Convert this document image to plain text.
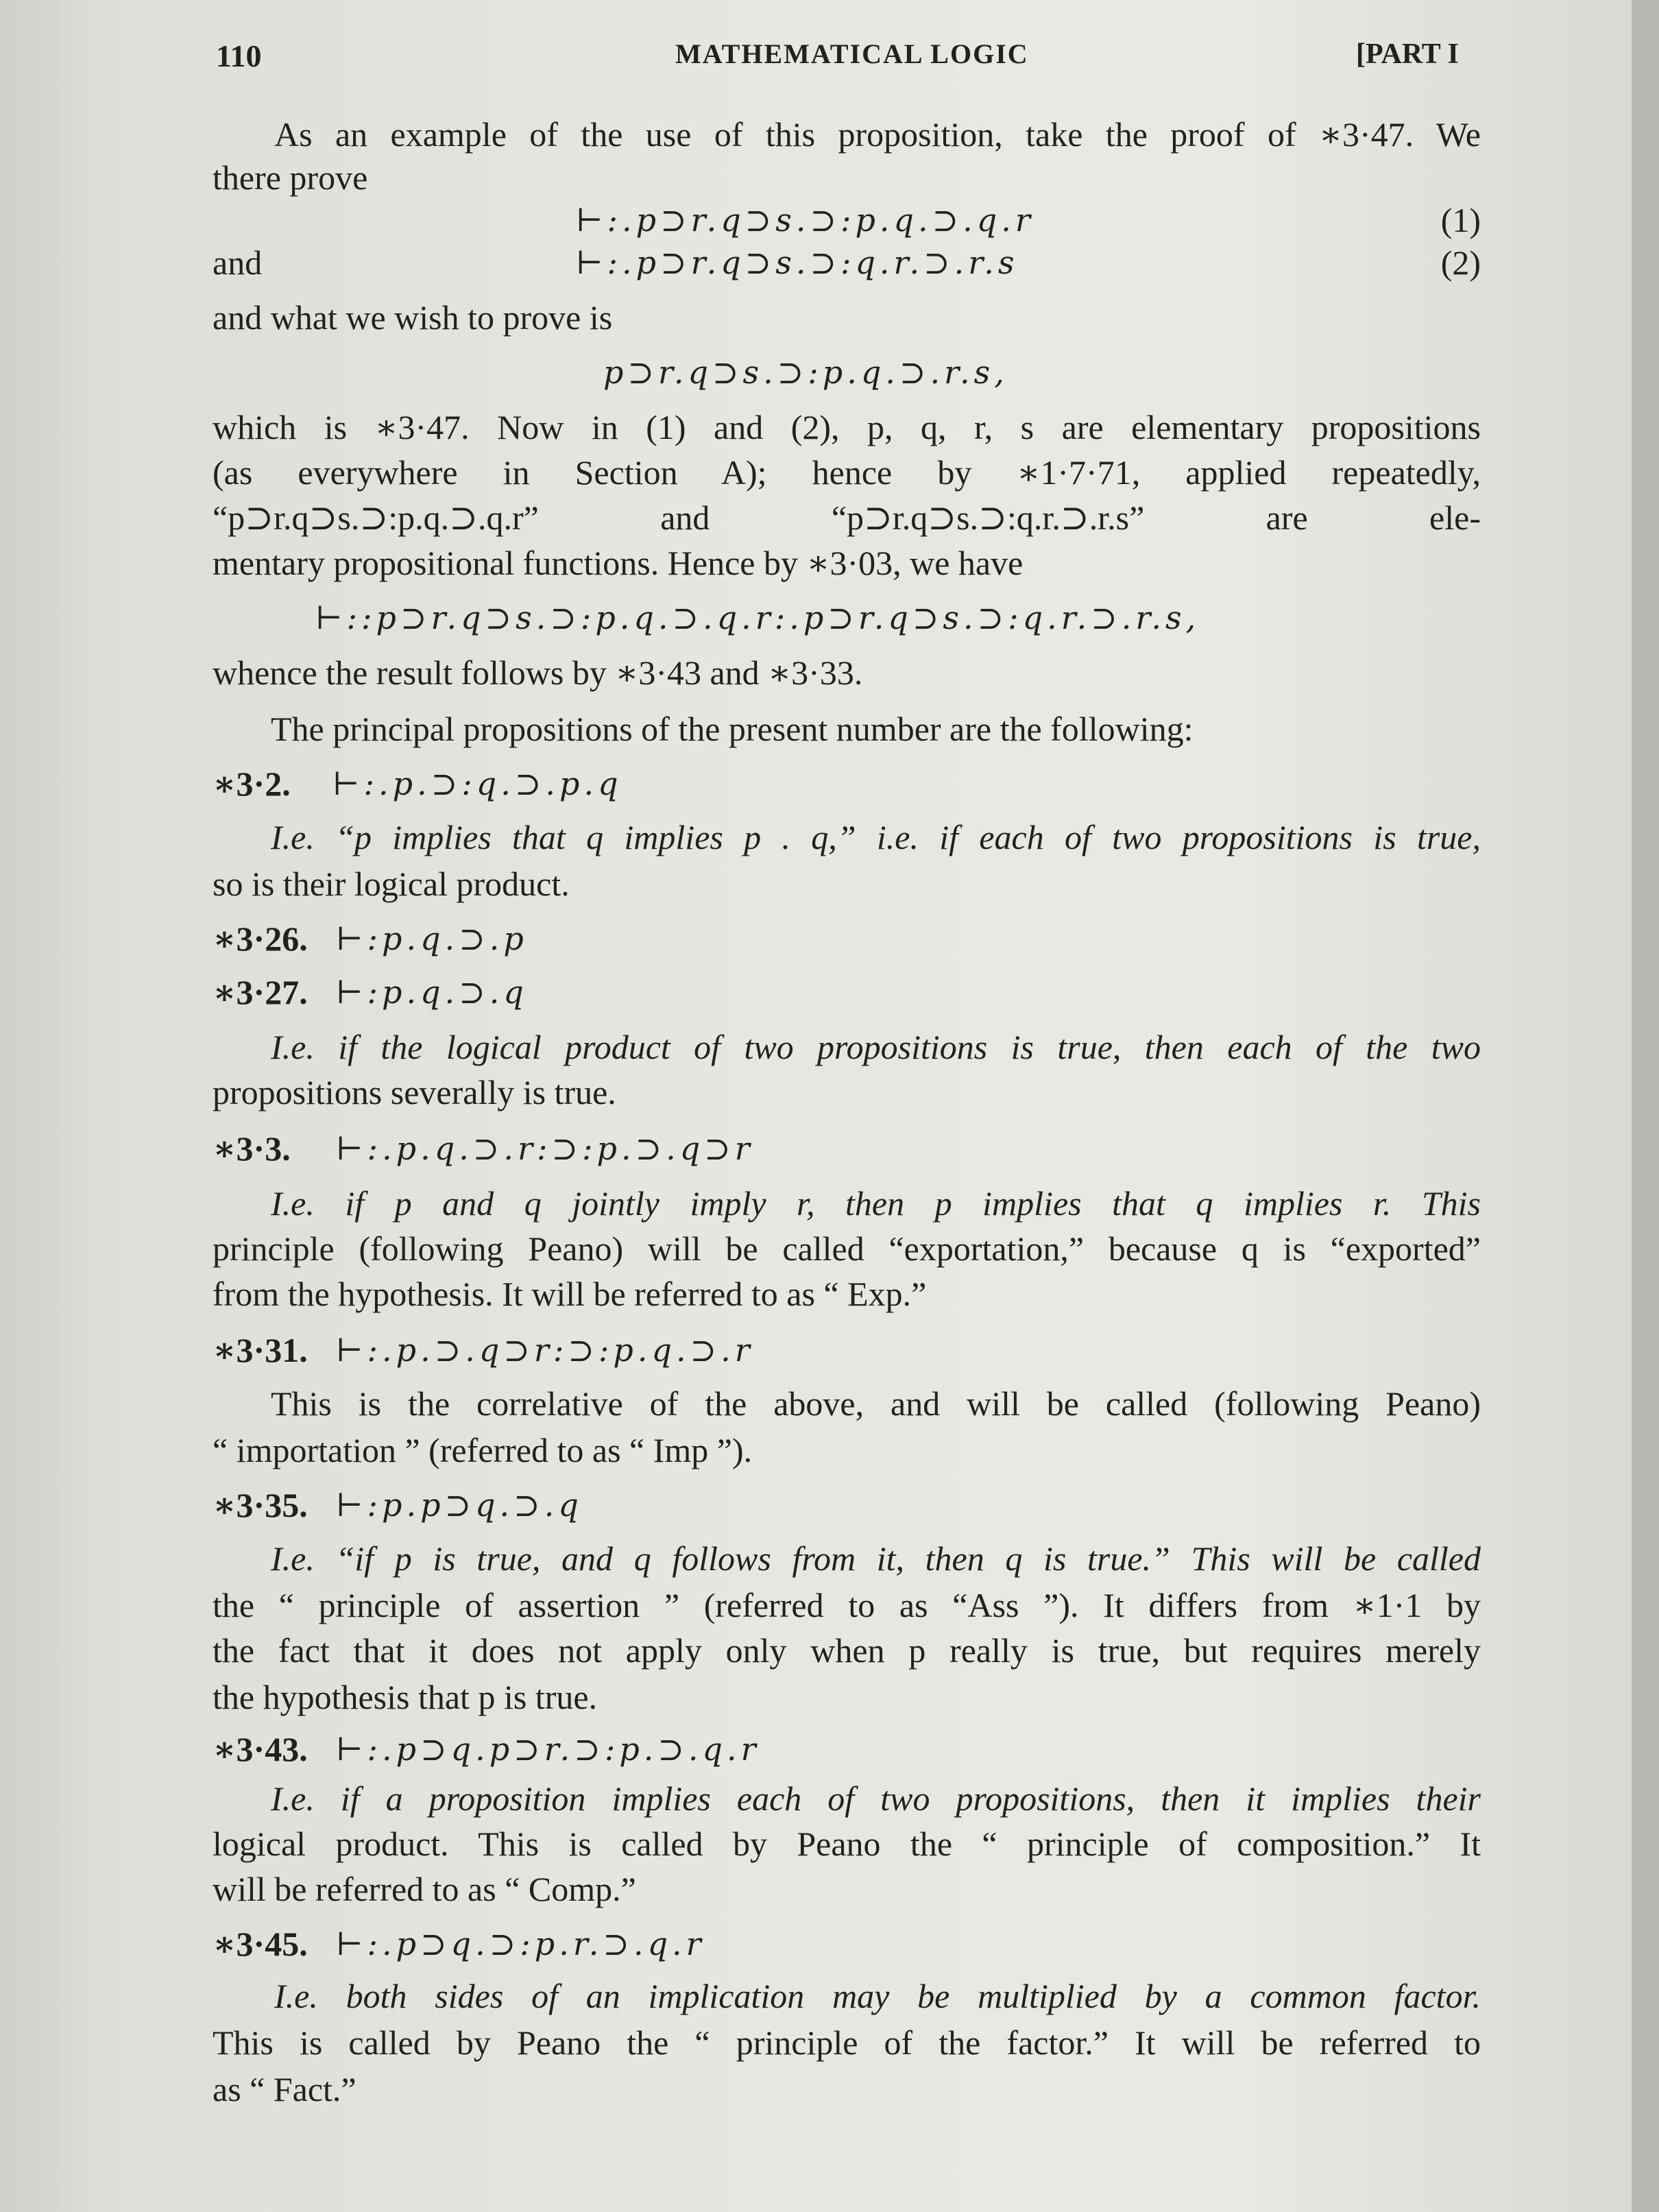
110	MATHEMATICAL LOGIC	[PART I
As an example of the use of this proposition, take the proof of ∗3·47. We
there prove
⊢:.p⊃r.q⊃s.⊃:p.q.⊃.q.r	(1)
and	⊢:.p⊃r.q⊃s.⊃:q.r.⊃.r.s	(2)
and what we wish to prove is
p⊃r.q⊃s.⊃:p.q.⊃.r.s,
which is ∗3·47. Now in (1) and (2), p, q, r, s are elementary propositions
(as everywhere in Section A); hence by ∗1·7·71, applied repeatedly,
“p⊃r.q⊃s.⊃:p.q.⊃.q.r” and “p⊃r.q⊃s.⊃:q.r.⊃.r.s” are ele-
mentary propositional functions. Hence by ∗3·03, we have
⊢::p⊃r.q⊃s.⊃:p.q.⊃.q.r:.p⊃r.q⊃s.⊃:q.r.⊃.r.s,
whence the result follows by ∗3·43 and ∗3·33.
The principal propositions of the present number are the following:
∗3·2. ⊢:.p.⊃:q.⊃.p.q
I.e. “p implies that q implies p . q,” i.e. if each of two propositions is true,
so is their logical product.
∗3·26. ⊢:p.q.⊃.p
∗3·27. ⊢:p.q.⊃.q
I.e. if the logical product of two propositions is true, then each of the two
propositions severally is true.
∗3·3. ⊢:.p.q.⊃.r:⊃:p.⊃.q⊃r
I.e. if p and q jointly imply r, then p implies that q implies r. This
principle (following Peano) will be called “exportation,” because q is “exported”
from the hypothesis. It will be referred to as “ Exp.”
∗3·31. ⊢:.p.⊃.q⊃r:⊃:p.q.⊃.r
This is the correlative of the above, and will be called (following Peano)
“ importation ” (referred to as “ Imp ”).
∗3·35. ⊢:p.p⊃q.⊃.q
I.e. “if p is true, and q follows from it, then q is true.” This will be called
the “ principle of assertion ” (referred to as “Ass ”). It differs from ∗1·1 by
the fact that it does not apply only when p really is true, but requires merely
the hypothesis that p is true.
∗3·43. ⊢:.p⊃q.p⊃r.⊃:p.⊃.q.r
I.e. if a proposition implies each of two propositions, then it implies their
logical product. This is called by Peano the “ principle of composition.” It
will be referred to as “ Comp.”
∗3·45. ⊢:.p⊃q.⊃:p.r.⊃.q.r
I.e. both sides of an implication may be multiplied by a common factor.
This is called by Peano the “ principle of the factor.” It will be referred to
as “ Fact.”
